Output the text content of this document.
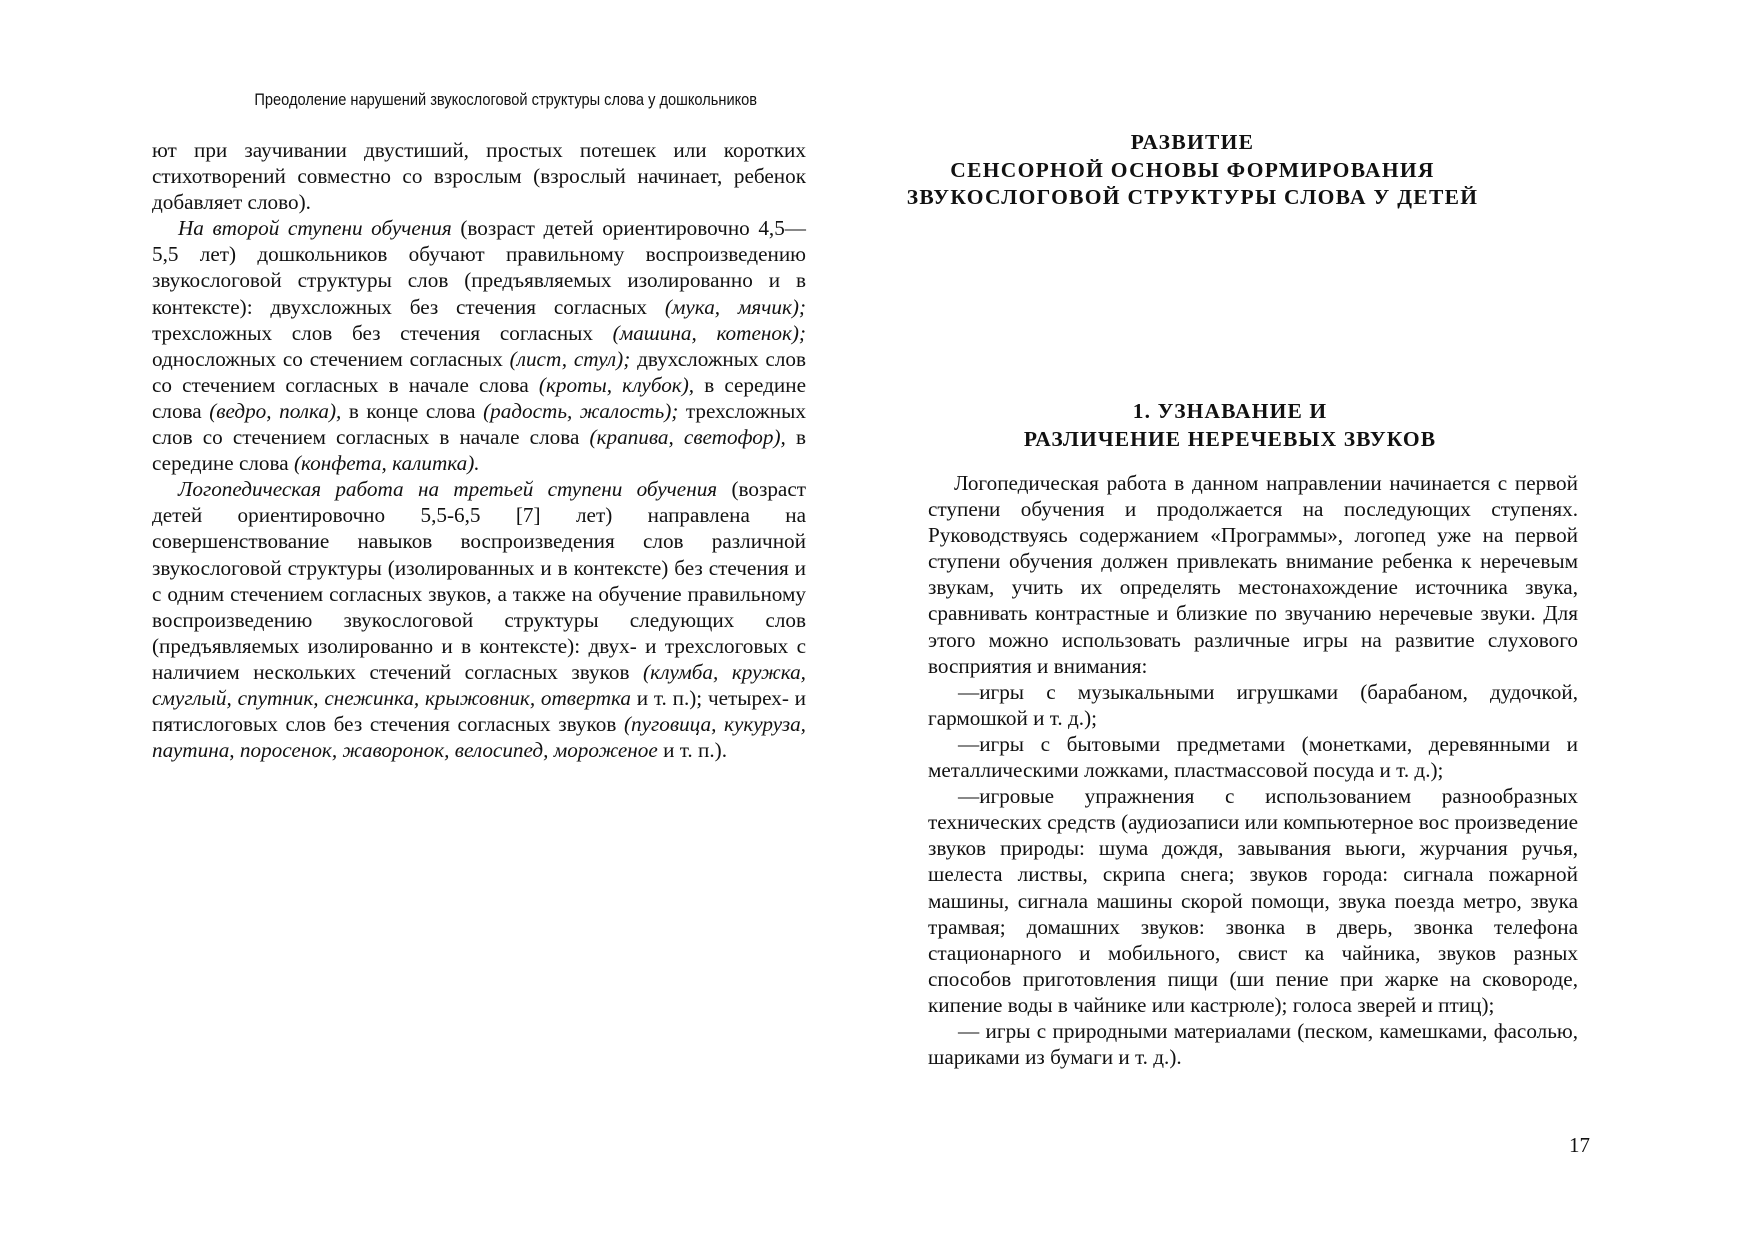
Преодоление нарушений звукослоговой структуры слова у дошкольников

ют при заучивании двустиший, простых потешек или коротких стихотворений совместно со взрослым (взрослый начинает, ребенок добавляет слово).

На второй ступени обучения (возраст детей ориентировочно 4,5—5,5 лет) дошкольников обучают правильному воспроизведению звукослоговой структуры слов (предъявляемых изолированно и в контексте): двухсложных без стечения согласных (мука, мячик); трехсложных слов без стечения согласных (машина, котенок); односложных со стечением согласных (лист, стул); двухсложных слов со стечением согласных в начале слова (кроты, клубок), в середине слова (ведро, полка), в конце слова (радость, жалость); трехсложных слов со стечением согласных в начале слова (крапива, светофор), в середине слова (конфета, калитка).

Логопедическая работа на третьей ступени обучения (возраст детей ориентировочно 5,5-6,5 [7] лет) направлена на совершенствование навыков воспроизведения слов различной звукослоговой структуры (изолированных и в контексте) без стечения и с одним стечением согласных звуков, а также на обучение правильному воспроизведению звукослоговой структуры следующих слов (предъявляемых изолированно и в контексте): двух- и трехслоговых с наличием нескольких стечений согласных звуков (клумба, кружка, смуглый, спутник, снежинка, крыжовник, отвертка и т. п.); четырех- и пятислоговых слов без стечения согласных звуков (пуговица, кукуруза, паутина, поросенок, жаворонок, велосипед, мороженое и т. п.).

РАЗВИТИЕ
СЕНСОРНОЙ ОСНОВЫ ФОРМИРОВАНИЯ
ЗВУКОСЛОГОВОЙ СТРУКТУРЫ СЛОВА У ДЕТЕЙ
1. УЗНАВАНИЕ И
РАЗЛИЧЕНИЕ НЕРЕЧЕВЫХ ЗВУКОВ

Логопедическая работа в данном направлении начинается с первой ступени обучения и продолжается на последующих ступенях. Руководствуясь содержанием «Программы», логопед уже на первой ступени обучения должен привлекать внимание ребенка к неречевым звукам, учить их определять местонахождение источника звука, сравнивать контрастные и близкие по звучанию неречевые звуки. Для этого можно использовать различные игры на развитие слухового восприятия и внимания:

—игры с музыкальными игрушками (барабаном, дудочкой, гармошкой и т. д.);

—игры с бытовыми предметами (монетками, деревянными и металлическими ложками, пластмассовой посуда и т. д.);

—игровые упражнения с использованием разнообразных технических средств (аудиозаписи или компьютерное вос произведение звуков природы: шума дождя, завывания вьюги, журчания ручья, шелеста листвы, скрипа снега; звуков города: сигнала пожарной машины, сигнала машины скорой помощи, звука поезда метро, звука трамвая; домашних звуков: звонка в дверь, звонка телефона стационарного и мобильного, свист ка чайника, звуков разных способов приготовления пищи (ши пение при жарке на сковороде, кипение воды в чайнике или кастрюле); голоса зверей и птиц);

— игры с природными материалами (песком, камешками, фасолью, шариками из бумаги и т. д.).

17
